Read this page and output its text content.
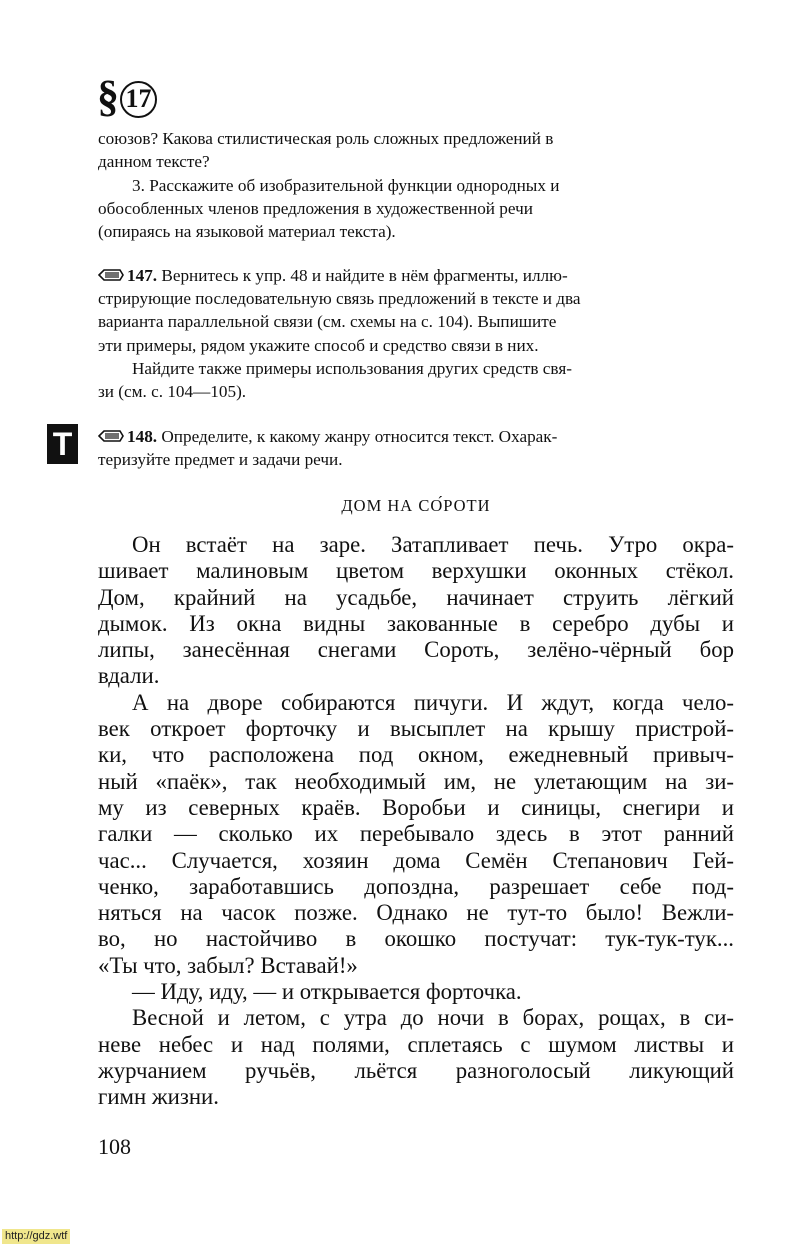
§ 17
союзов? Какова стилистическая роль сложных предложений в
данном тексте?
3. Расскажите об изобразительной функции однородных и
обособленных членов предложения в художественной речи
(опираясь на языковой материал текста).
147. Вернитесь к упр. 48 и найдите в нём фрагменты, иллю-
стрирующие последовательную связь предложений в тексте и два
варианта параллельной связи (см. схемы на с. 104). Выпишите
эти примеры, рядом укажите способ и средство связи в них.
Найдите также примеры использования других средств свя-
зи (см. с. 104—105).
T	148. Определите, к какому жанру относится текст. Охарак-
теризуйте предмет и задачи речи.
ДОМ НА СО́РОТИ
Он встаёт на заре. Затапливает печь. Утро окра-
шивает малиновым цветом верхушки оконных стёкол.
Дом, крайний на усадьбе, начинает струить лёгкий
дымок. Из окна видны закованные в серебро дубы и
липы, занесённая снегами Сороть, зелёно-чёрный бор
вдали.
А на дворе собираются пичуги. И ждут, когда чело-
век откроет форточку и высыплет на крышу пристрой-
ки, что расположена под окном, ежедневный привыч-
ный «паёк», так необходимый им, не улетающим на зи-
му из северных краёв. Воробьи и синицы, снегири и
галки — сколько их перебывало здесь в этот ранний
час... Случается, хозяин дома Семён Степанович Гей-
ченко, заработавшись допоздна, разрешает себе под-
няться на часок позже. Однако не тут-то было! Вежли-
во, но настойчиво в окошко постучат: тук-тук-тук...
«Ты что, забыл? Вставай!»
— Иду, иду, — и открывается форточка.
Весной и летом, с утра до ночи в борах, рощах, в си-
неве небес и над полями, сплетаясь с шумом листвы и
журчанием ручьёв, льётся разноголосый ликующий
гимн жизни.
108
http://gdz.wtf
